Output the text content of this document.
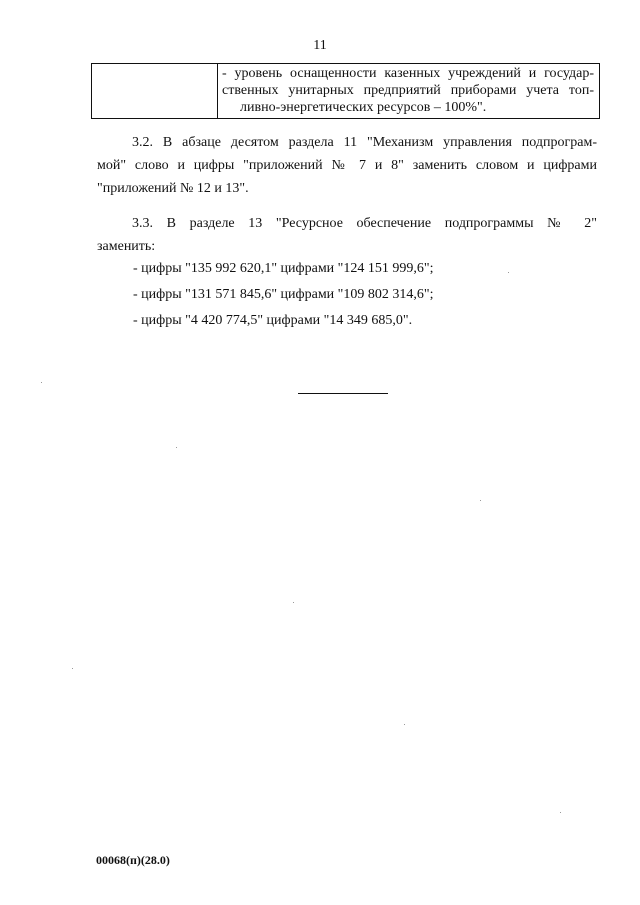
11
- уровень оснащенности казенных учреждений и государ-
ственных унитарных предприятий приборами учета топ-
ливно-энергетических ресурсов – 100%".
3.2. В абзаце десятом раздела 11 "Механизм управления подпрограм-
мой" слово и цифры "приложений № 7 и 8" заменить словом и цифрами
"приложений № 12 и 13".
3.3. В разделе 13 "Ресурсное обеспечение подпрограммы № 2"
заменить:
- цифры "135 992 620,1" цифрами "124 151 999,6";
- цифры "131 571 845,6" цифрами "109 802 314,6";
- цифры "4 420 774,5" цифрами "14 349 685,0".
00068(п)(28.0)
